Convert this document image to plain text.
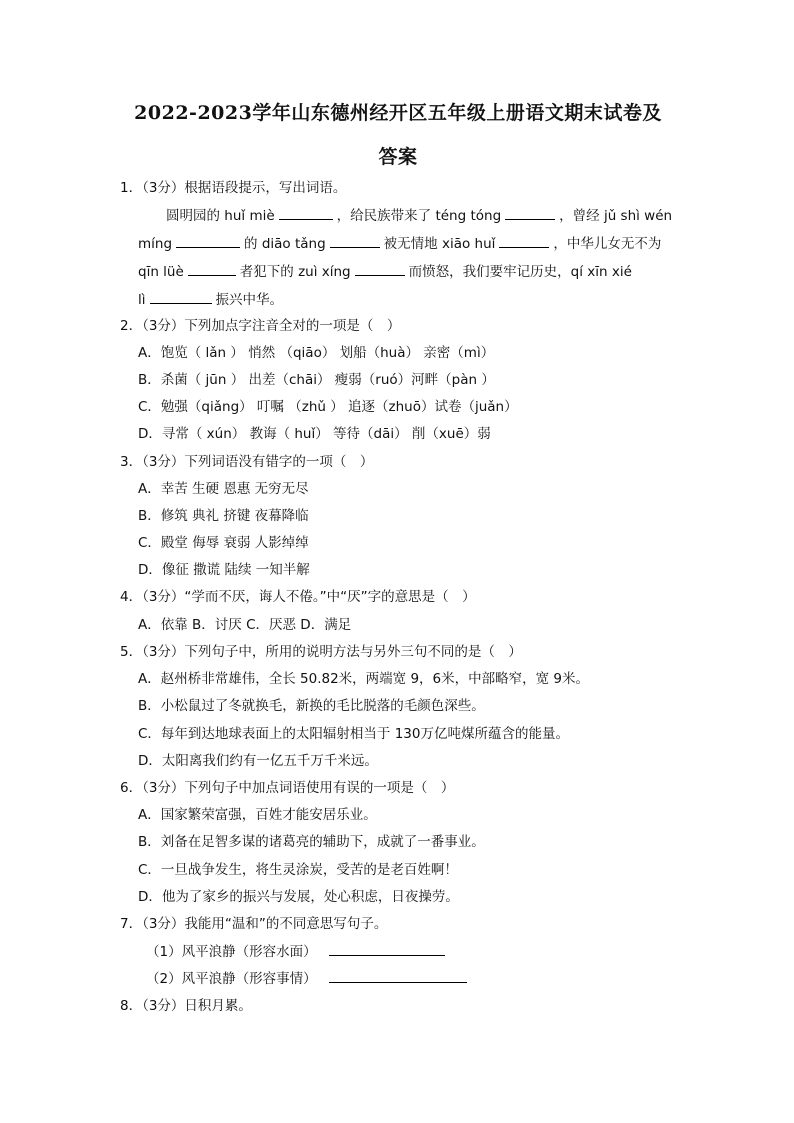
2022-2023学年山东德州经开区五年级上册语文期末试卷及
答案
1．（3分）根据语段提示，写出词语。
圆明园的 huǐ miè	，给民族带来了 téng tóng	，曾经 jǔ shì wén
míng	的 diāo tǎng	被无情地 xiāo huǐ	，中华儿女无不为
qīn lüè	者犯下的 zuì xíng	而愤怒，我们要牢记历史，qí xīn xié
lì	振兴中华。
2．（3分）下列加点字注音全对的一项是（　）
A．饱览（ lǎn ） 悄然 （qiāo） 划船（huà） 亲密（mì）
B．杀菌（ jūn ） 出差（chāi） 瘦弱（ruó）河畔（pàn ）
C．勉强（qiǎng） 叮嘱 （zhǔ ） 追逐（zhuō）试卷（juǎn）
D．寻常（ xún） 教诲（ huǐ） 等待（dāi） 削（xuē）弱
3．（3分）下列词语没有错字的一项（　）
A．幸苦 生硬 恩惠 无穷无尽
B．修筑 典礼 挤键 夜幕降临
C．殿堂 侮辱 衰弱 人影绰绰
D．像征 撒谎 陆续 一知半解
4．（3分）“学而不厌，诲人不倦。”中“厌”字的意思是（　）
A．依靠 B．讨厌 C．厌恶 D．满足
5．（3分）下列句子中，所用的说明方法与另外三句不同的是（　）
A．赵州桥非常雄伟，全长 50.82米，两端宽 9，6米，中部略窄，宽 9米。
B．小松鼠过了冬就换毛，新换的毛比脱落的毛颜色深些。
C．每年到达地球表面上的太阳辐射相当于 130万亿吨煤所蕴含的能量。
D．太阳离我们约有一亿五千万千米远。
6．（3分）下列句子中加点词语使用有误的一项是（　）
A．国家繁荣富强，百姓才能安居乐业。
B．刘备在足智多谋的诸葛亮的辅助下，成就了一番事业。
C．一旦战争发生，将生灵涂炭，受苦的是老百姓啊！
D．他为了家乡的振兴与发展，处心积虑，日夜操劳。
7．（3分）我能用“温和”的不同意思写句子。
（1）风平浪静（形容水面）
（2）风平浪静（形容事情）
8．（3分）日积月累。
